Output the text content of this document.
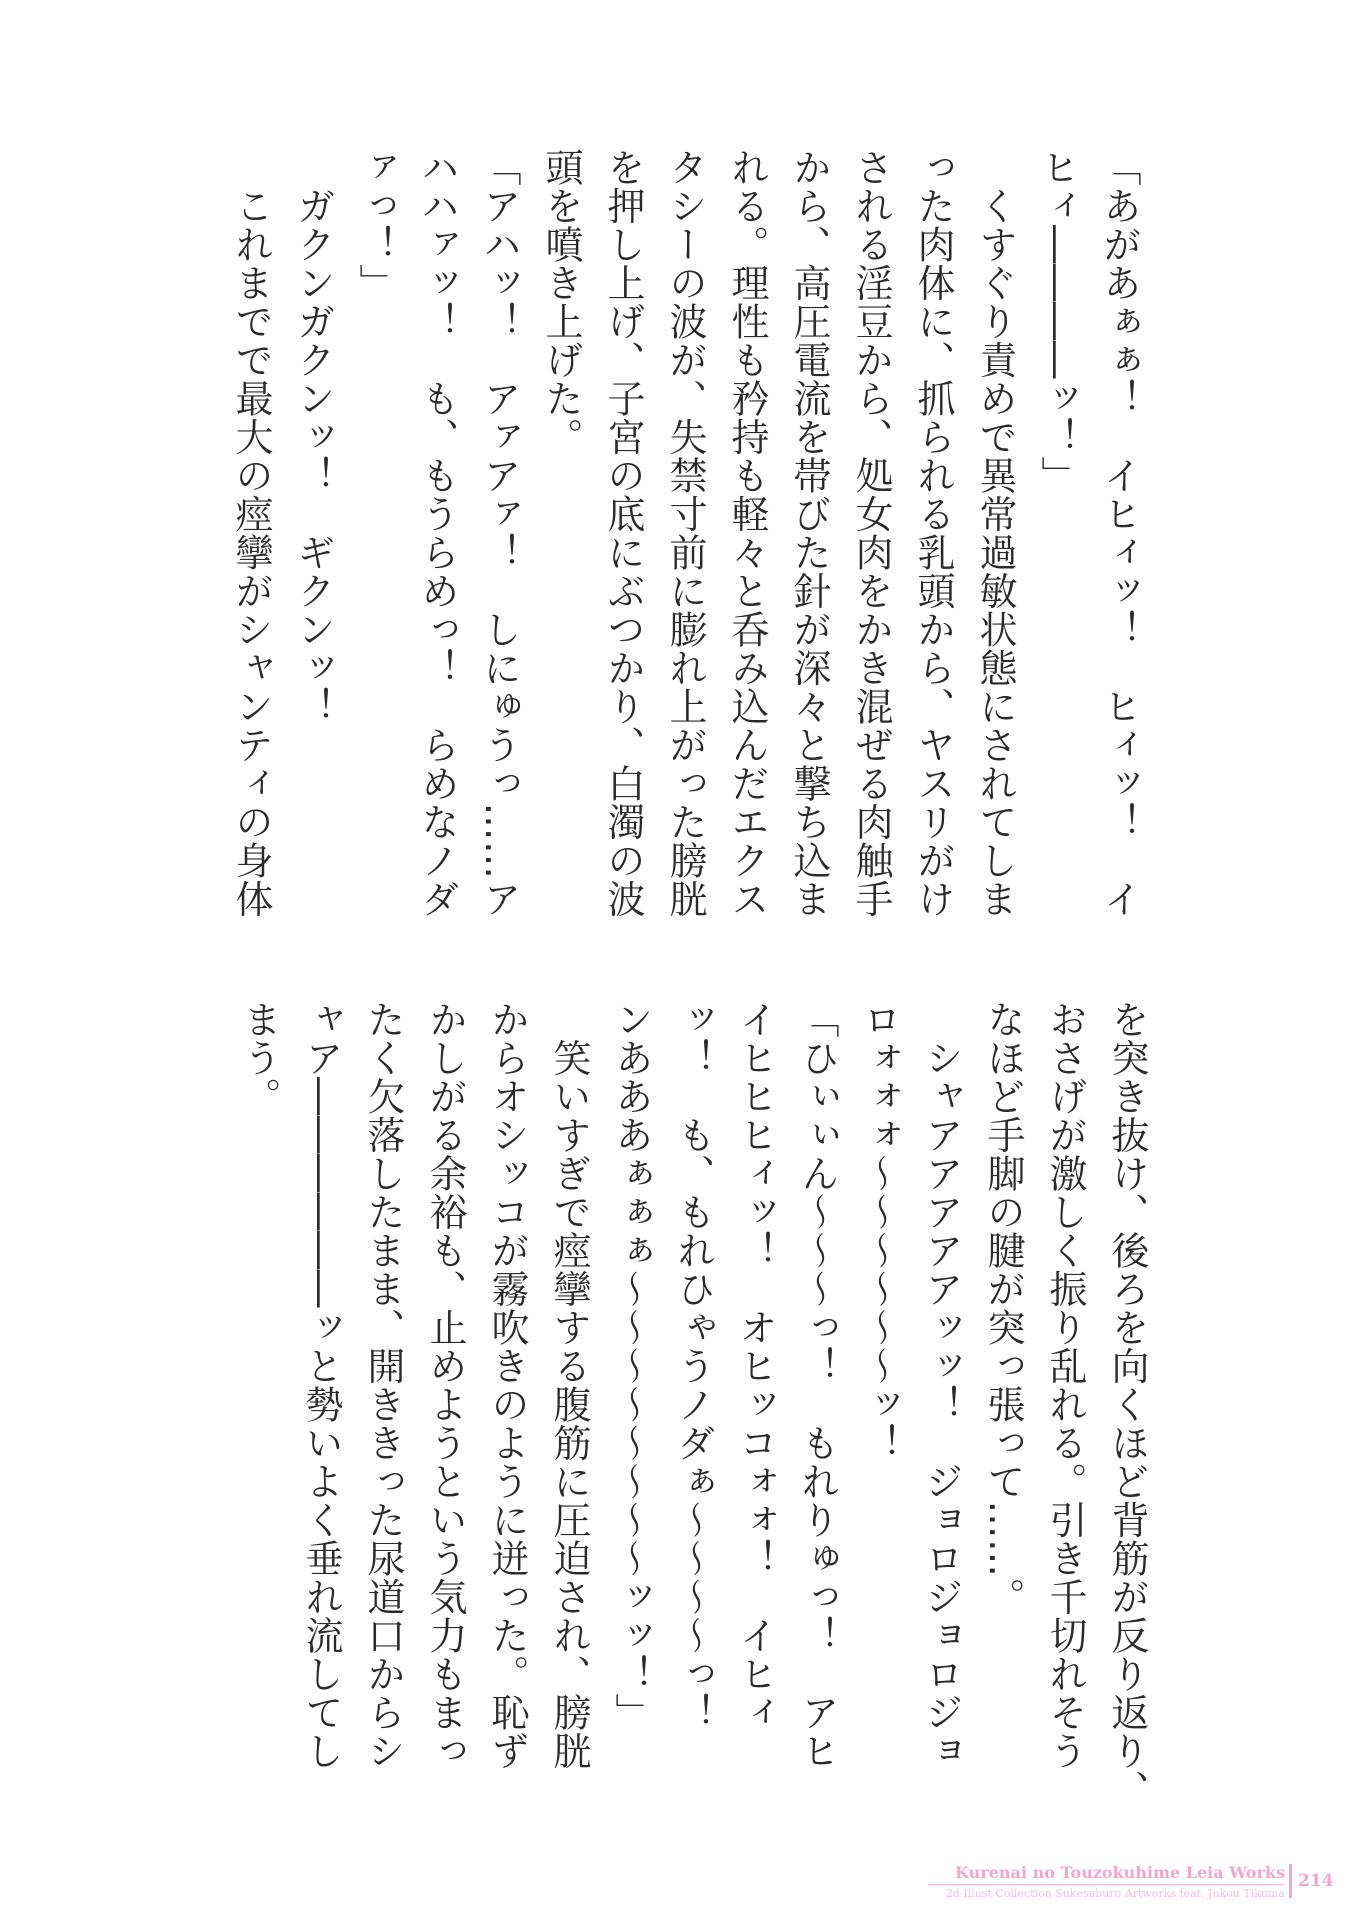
「あがあぁぁ！　イヒィッ！　ヒィッ！　イ
ヒィ――――ッ！」
　くすぐり責めで異常過敏状態にされてしま
った肉体に、抓られる乳頭から、ヤスリがけ
される淫豆から、処女肉をかき混ぜる肉触手
から、高圧電流を帯びた針が深々と撃ち込ま
れる。理性も矜持も軽々と呑み込んだエクス
タシーの波が、失禁寸前に膨れ上がった膀胱
を押し上げ、子宮の底にぶつかり、白濁の波
頭を噴き上げた。
「アハッ！　アァアァ！　しにゅうっ……ア
ハハァッ！　も、もうらめっ！　らめなノダ
ァっ！」
　ガクンガクンッ！　ギクンッ！
　これまでで最大の痙攣がシャンティの身体
を突き抜け、後ろを向くほど背筋が反り返り、
おさげが激しく振り乱れる。引き千切れそう
なほど手脚の腱が突っ張って……。
　シャアアアアアッッ！　ジョロジョロジョ
ロォォォ～～～～～～ッ！
「ひぃぃん～～～っ！　もれりゅっ！　アヒ
イヒヒヒィッ！　オヒッコォォ！　イヒィ
ッ！　も、もれひゃうノダぁ～～～～っ！
ンあああぁぁぁ～～～～～～～～ッッ！」
　笑いすぎで痙攣する腹筋に圧迫され、膀胱
からオシッコが霧吹きのように迸った。恥ず
かしがる余裕も、止めようという気力もまっ
たく欠落したまま、開ききった尿道口からシ
ャア――――――ッと勢いよく垂れ流してし
まう。
Kurenai no Touzokuhime Leia Works
2d Illust Collection Sukesaburo Artworks feat. Jukou Tikuma
214
